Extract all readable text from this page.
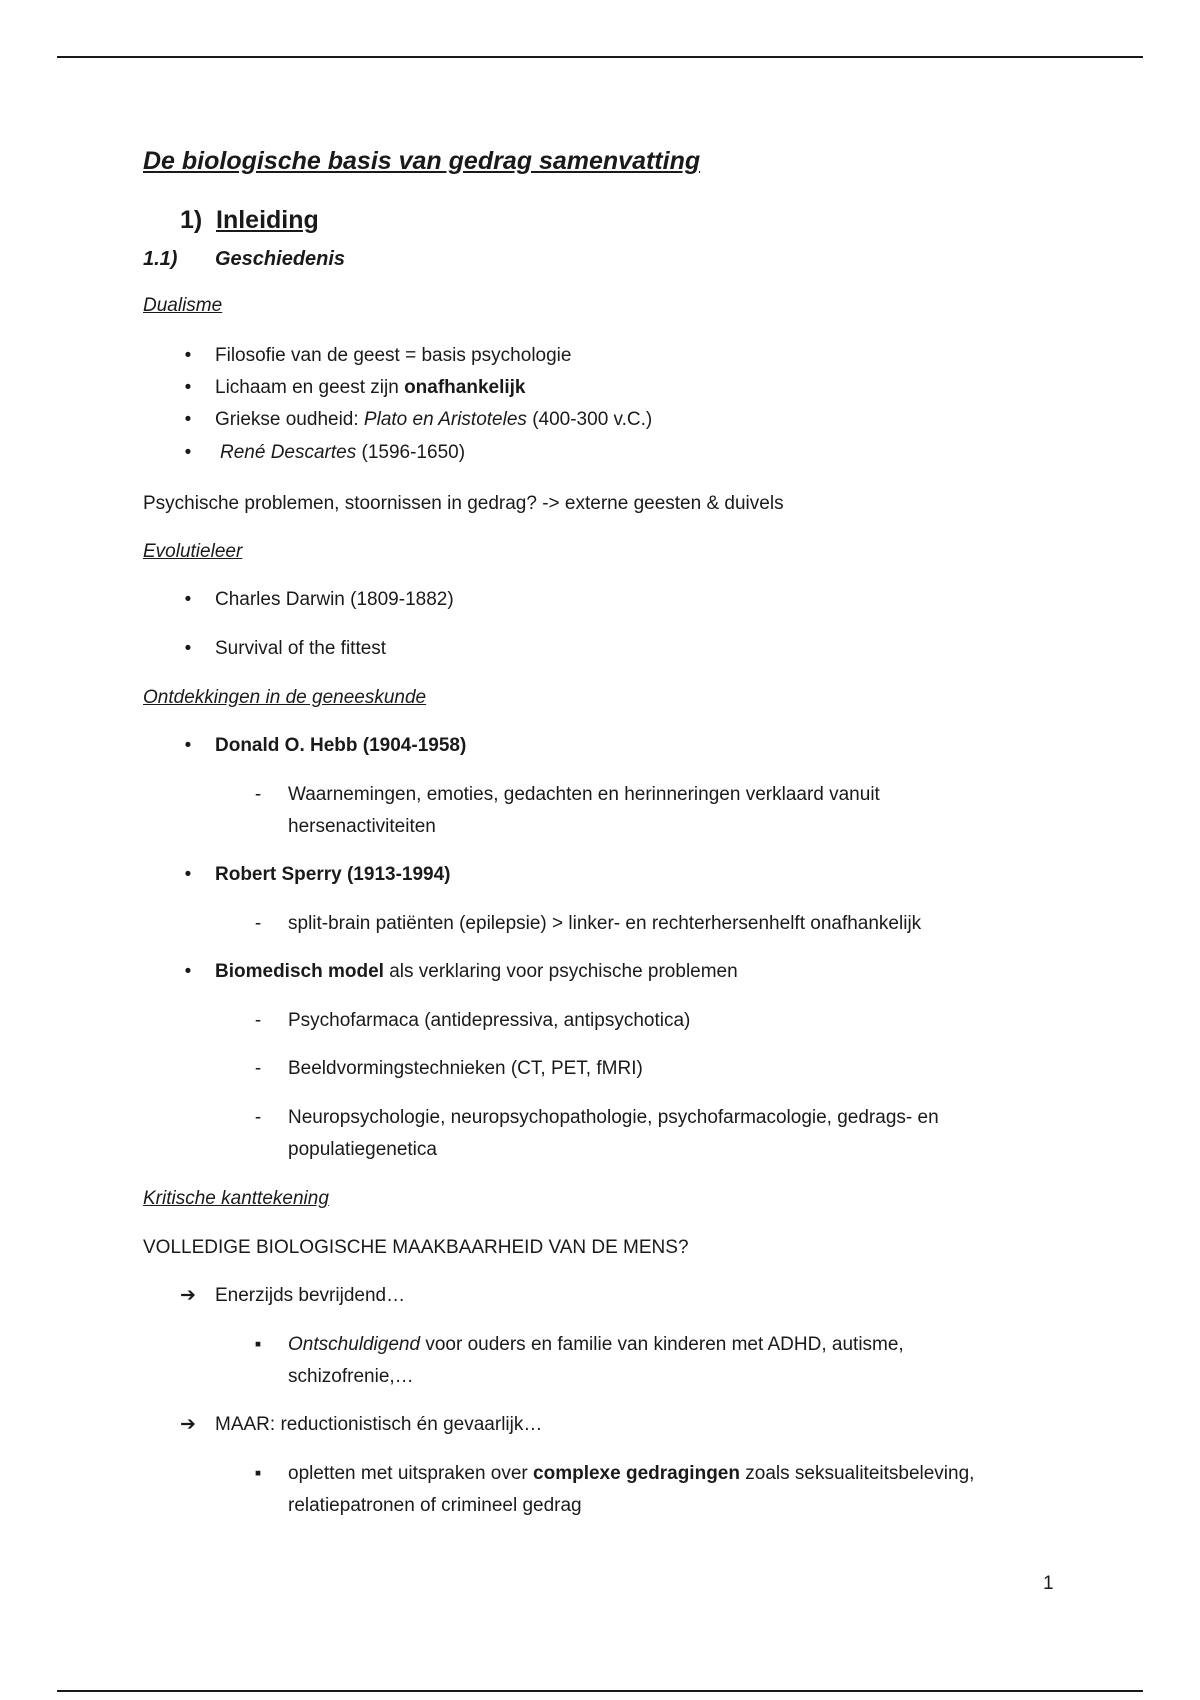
De biologische basis van gedrag samenvatting
1) Inleiding
1.1) Geschiedenis
Dualisme
• Filosofie van de geest = basis psychologie
• Lichaam en geest zijn onafhankelijk
• Griekse oudheid: Plato en Aristoteles (400-300 v.C.)
• René Descartes (1596-1650)
Psychische problemen, stoornissen in gedrag? -> externe geesten & duivels
Evolutieleer
• Charles Darwin (1809-1882)
• Survival of the fittest
Ontdekkingen in de geneeskunde
• Donald O. Hebb (1904-1958)
- Waarnemingen, emoties, gedachten en herinneringen verklaard vanuit
hersenactiviteiten
• Robert Sperry (1913-1994)
- split-brain patiënten (epilepsie) > linker- en rechterhersenhelft onafhankelijk
• Biomedisch model als verklaring voor psychische problemen
- Psychofarmaca (antidepressiva, antipsychotica)
- Beeldvormingstechnieken (CT, PET, fMRI)
- Neuropsychologie, neuropsychopathologie, psychofarmacologie, gedrags- en
populatiegenetica
Kritische kanttekening
VOLLEDIGE BIOLOGISCHE MAAKBAARHEID VAN DE MENS?
➔ Enerzijds bevrijdend…
▪ Ontschuldigend voor ouders en familie van kinderen met ADHD, autisme,
schizofrenie,…
➔ MAAR: reductionistisch én gevaarlijk…
▪ opletten met uitspraken over complexe gedragingen zoals seksualiteitsbeleving,
relatiepatronen of crimineel gedrag
1
